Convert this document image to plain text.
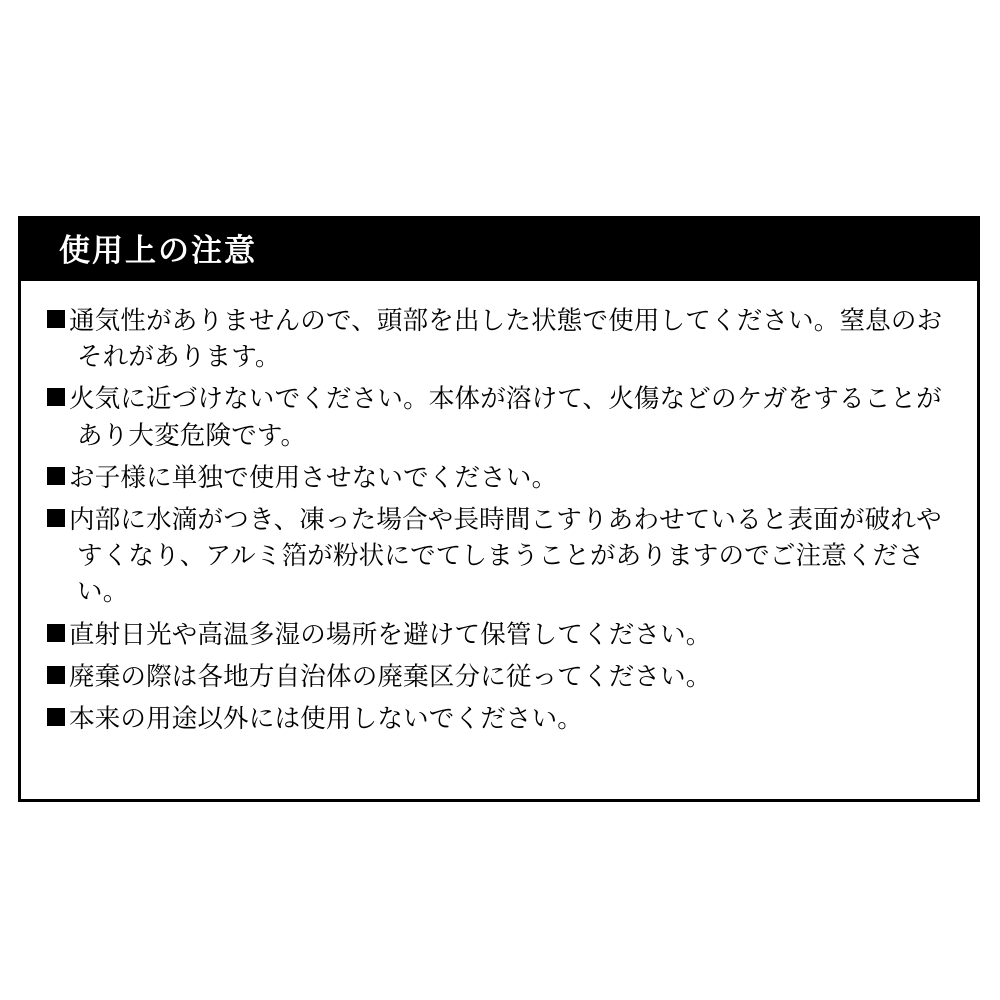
使用上の注意
通気性がありませんので、頭部を出した状態で使用してください。窒息のおそれがあります。
火気に近づけないでください。本体が溶けて、火傷などのケガをすることがあり大変危険です。
お子様に単独で使用させないでください。
内部に水滴がつき、凍った場合や長時間こすりあわせていると表面が破れやすくなり、アルミ箔が粉状にでてしまうことがありますのでご注意ください。
直射日光や高温多湿の場所を避けて保管してください。
廃棄の際は各地方自治体の廃棄区分に従ってください。
本来の用途以外には使用しないでください。
